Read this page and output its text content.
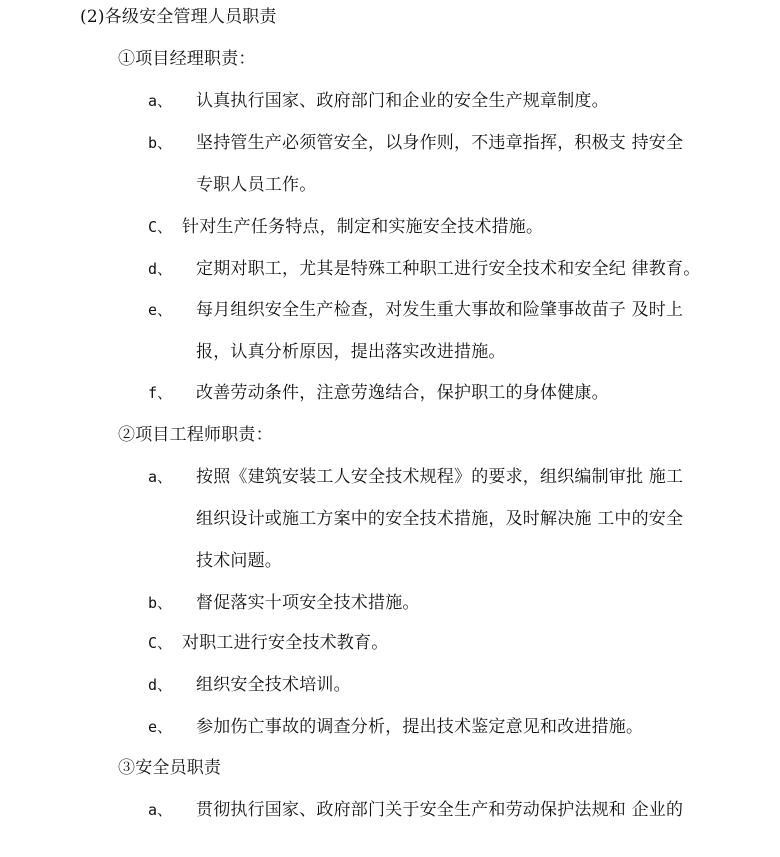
(2)各级安全管理人员职责
①项目经理职责：
a、 认真执行国家、政府部门和企业的安全生产规章制度。
b、 坚持管生产必须管安全，以身作则，不违章指挥，积极支 持安全
专职人员工作。
C、 针对生产任务特点，制定和实施安全技术措施。
d、 定期对职工，尤其是特殊工种职工进行安全技术和安全纪 律教育。
e、 每月组织安全生产检查，对发生重大事故和险肇事故苗子 及时上
报，认真分析原因，提出落实改进措施。
f、 改善劳动条件，注意劳逸结合，保护职工的身体健康。
②项目工程师职责：
a、 按照《建筑安装工人安全技术规程》的要求，组织编制审批 施工
组织设计或施工方案中的安全技术措施，及时解决施 工中的安全
技术问题。
b、 督促落实十项安全技术措施。
C、 对职工进行安全技术教育。
d、 组织安全技术培训。
e、 参加伤亡事故的调查分析，提出技术鉴定意见和改进措施。
③安全员职责
a、 贯彻执行国家、政府部门关于安全生产和劳动保护法规和 企业的
